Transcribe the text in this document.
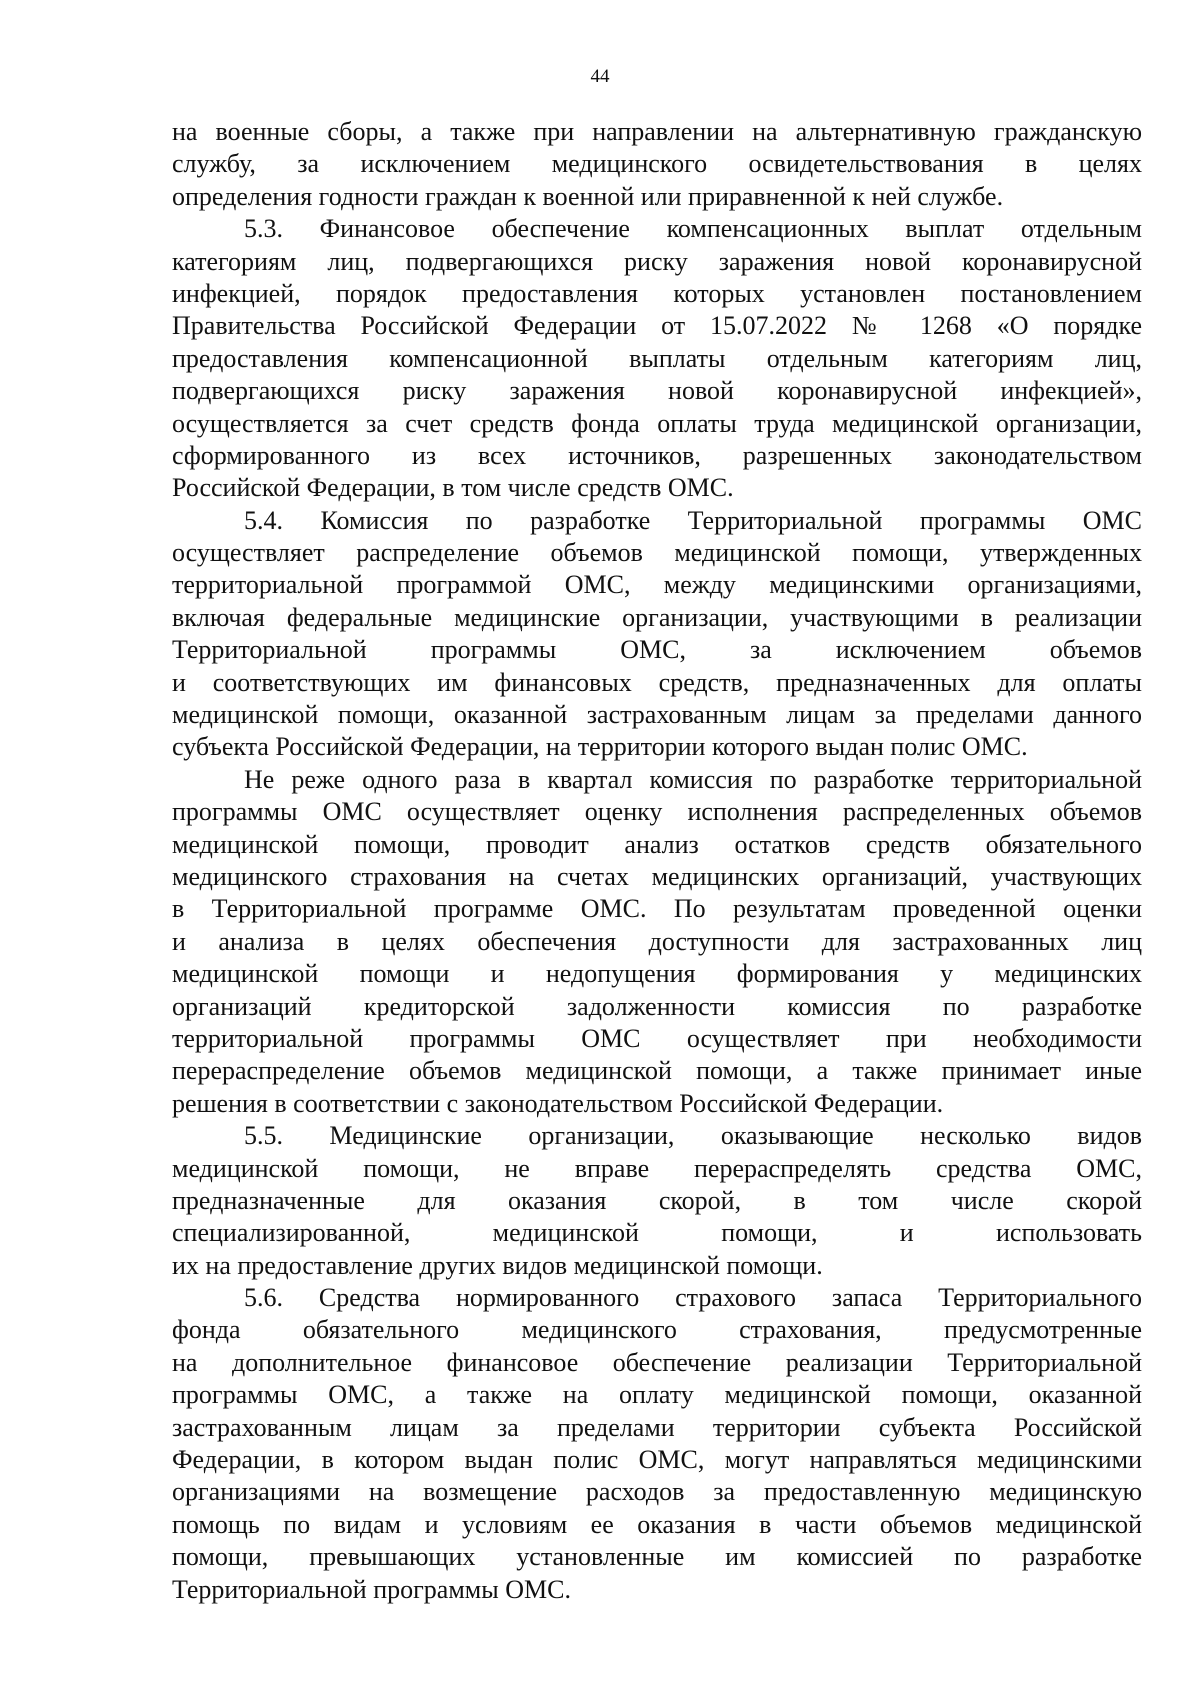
44
на военные сборы, а также при направлении на альтернативную гражданскую
службу, за исключением медицинского освидетельствования в целях
определения годности граждан к военной или приравненной к ней службе.
5.3. Финансовое обеспечение компенсационных выплат отдельным
категориям лиц, подвергающихся риску заражения новой коронавирусной
инфекцией, порядок предоставления которых установлен постановлением
Правительства Российской Федерации от 15.07.2022 № 1268 «О порядке
предоставления компенсационной выплаты отдельным категориям лиц,
подвергающихся риску заражения новой коронавирусной инфекцией»,
осуществляется за счет средств фонда оплаты труда медицинской организации,
сформированного из всех источников, разрешенных законодательством
Российской Федерации, в том числе средств ОМС.
5.4. Комиссия по разработке Территориальной программы ОМС
осуществляет распределение объемов медицинской помощи, утвержденных
территориальной программой ОМС, между медицинскими организациями,
включая федеральные медицинские организации, участвующими в реализации
Территориальной программы ОМС, за исключением объемов
и соответствующих им финансовых средств, предназначенных для оплаты
медицинской помощи, оказанной застрахованным лицам за пределами данного
субъекта Российской Федерации, на территории которого выдан полис ОМС.
Не реже одного раза в квартал комиссия по разработке территориальной
программы ОМС осуществляет оценку исполнения распределенных объемов
медицинской помощи, проводит анализ остатков средств обязательного
медицинского страхования на счетах медицинских организаций, участвующих
в Территориальной программе ОМС. По результатам проведенной оценки
и анализа в целях обеспечения доступности для застрахованных лиц
медицинской помощи и недопущения формирования у медицинских
организаций кредиторской задолженности комиссия по разработке
территориальной программы ОМС осуществляет при необходимости
перераспределение объемов медицинской помощи, а также принимает иные
решения в соответствии с законодательством Российской Федерации.
5.5. Медицинские организации, оказывающие несколько видов
медицинской помощи, не вправе перераспределять средства ОМС,
предназначенные для оказания скорой, в том числе скорой
специализированной, медицинской помощи, и использовать
их на предоставление других видов медицинской помощи.
5.6. Средства нормированного страхового запаса Территориального
фонда обязательного медицинского страхования, предусмотренные
на дополнительное финансовое обеспечение реализации Территориальной
программы ОМС, а также на оплату медицинской помощи, оказанной
застрахованным лицам за пределами территории субъекта Российской
Федерации, в котором выдан полис ОМС, могут направляться медицинскими
организациями на возмещение расходов за предоставленную медицинскую
помощь по видам и условиям ее оказания в части объемов медицинской
помощи, превышающих установленные им комиссией по разработке
Территориальной программы ОМС.
